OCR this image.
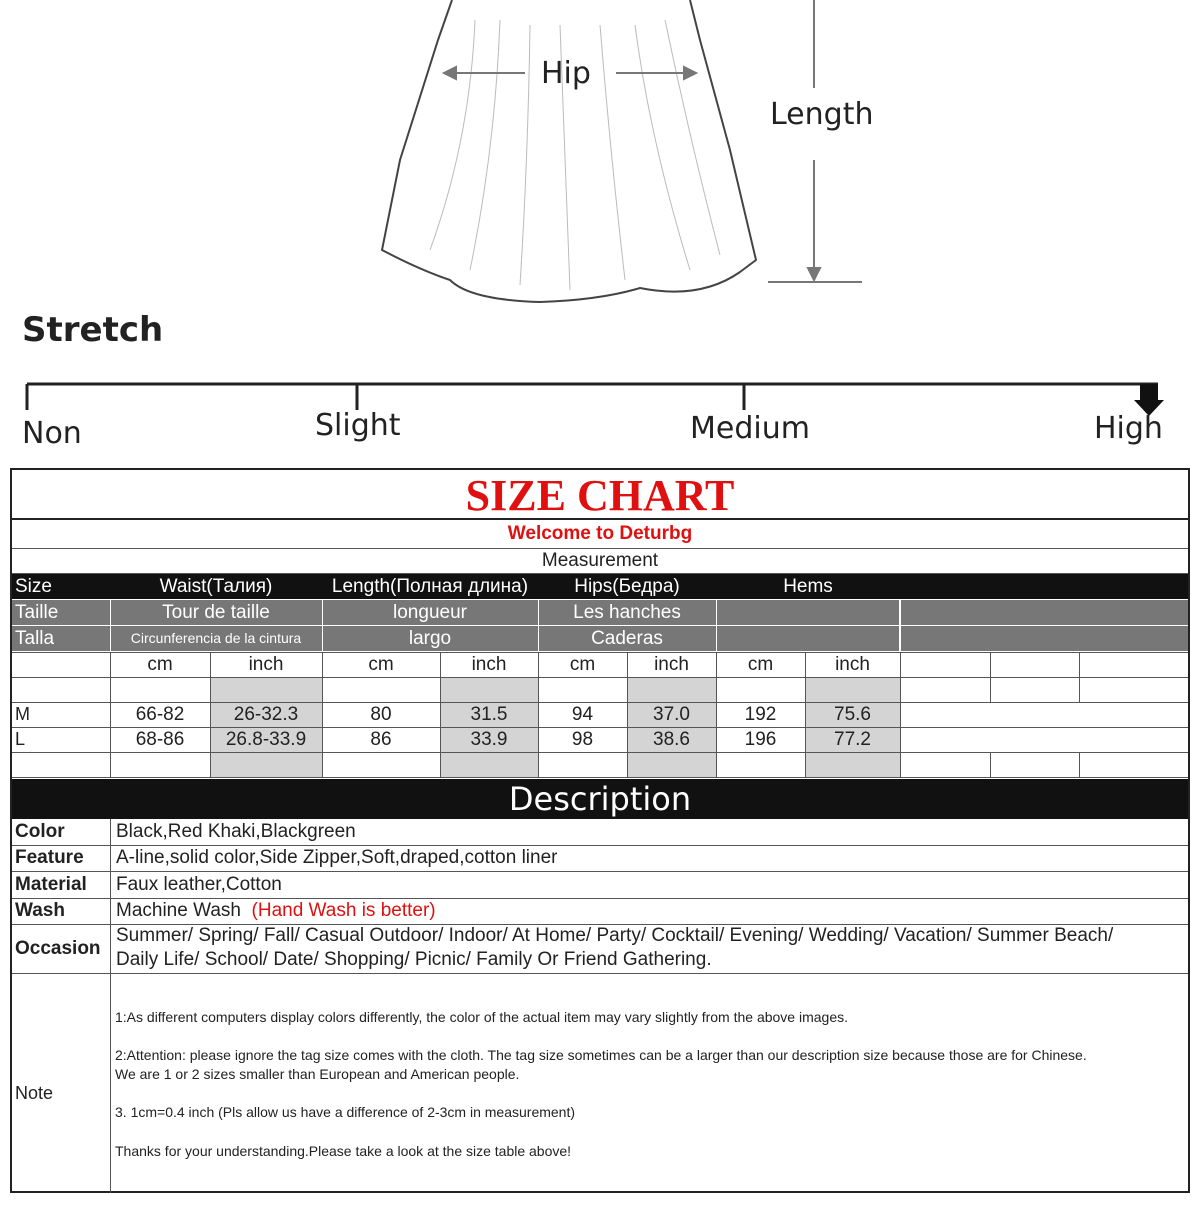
Hip
Length
Stretch
Non	Slight	Medium	High
SIZE CHART
Welcome to Deturbg
Measurement
Size	Waist(Талия)	Length(Полная длина)	Hips(Бедра)	Hems
Taille	Tour de taille	longueur	Les hanches
Talla	Circunferencia de la cintura	largo	Caderas
cm	inch	cm	inch	cm	inch	cm	inch
M	66-82	26-32.3	80	31.5	94	37.0	192	75.6
L	68-86	26.8-33.9	86	33.9	98	38.6	196	77.2
Description
Color	Black,Red Khaki,Blackgreen
Feature A-line,solid color,Side Zipper,Soft,draped,cotton liner
Material Faux leather,Cotton
Wash	Machine Wash (Hand Wash is better)
Occasion
Summer/ Spring/ Fall/ Casual Outdoor/ Indoor/ At Home/ Party/ Cocktail/ Evening/ Wedding/ Vacation/ Summer Beach/
Daily Life/ School/ Date/ Shopping/ Picnic/ Family Or Friend Gathering.
Note
1:As different computers display colors differently, the color of the actual item may vary slightly from the above images.
2:Attention: please ignore the tag size comes with the cloth. The tag size sometimes can be a larger than our description size because those are for Chinese.
We are 1 or 2 sizes smaller than European and American people.
3. 1cm=0.4 inch (Pls allow us have a difference of 2-3cm in measurement)
Thanks for your understanding.Please take a look at the size table above!
